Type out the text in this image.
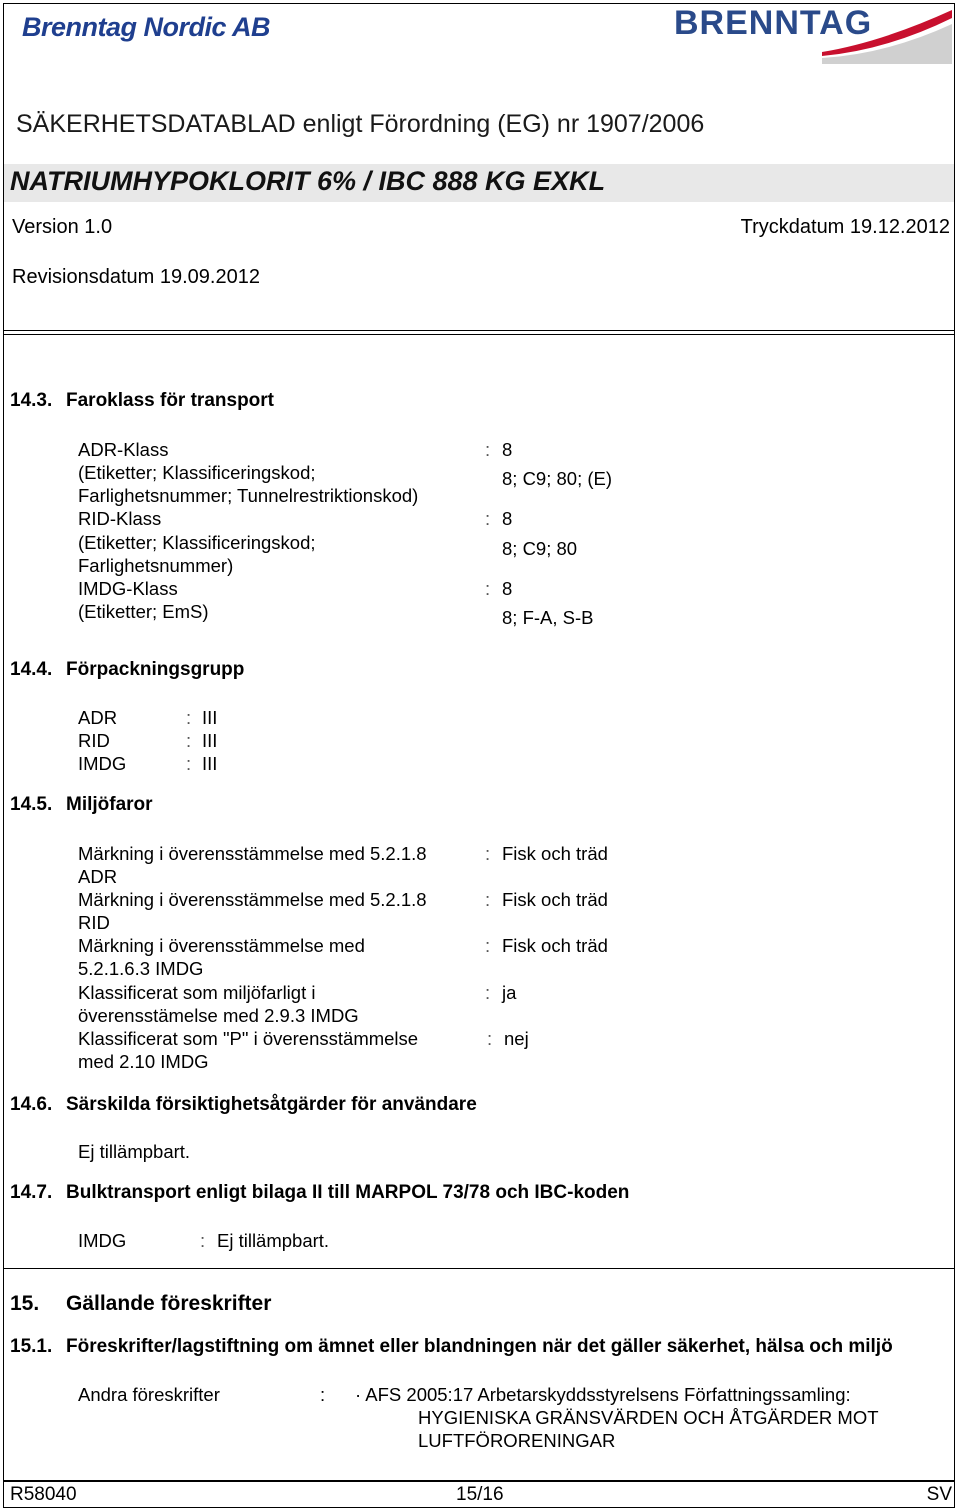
Brenntag Nordic AB	BRENNTAG
SÄKERHETSDATABLAD enligt Förordning (EG) nr 1907/2006
NATRIUMHYPOKLORIT 6% / IBC 888 KG EXKL
Version 1.0	Tryckdatum 19.12.2012
Revisionsdatum 19.09.2012
14.3. Faroklass för transport
ADR-Klass	: 8
(Etiketter; Klassificeringskod;	8; C9; 80; (E)
Farlighetsnummer; Tunnelrestriktionskod)
RID-Klass	: 8
(Etiketter; Klassificeringskod;	8; C9; 80
Farlighetsnummer)
IMDG-Klass	: 8
(Etiketter; EmS)	8; F-A, S-B
14.4. Förpackningsgrupp
ADR	: III
RID	: III
IMDG	: III
14.5. Miljöfaror
Märkning i överensstämmelse med 5.2.1.8	: Fisk och träd
ADR
Märkning i överensstämmelse med 5.2.1.8	: Fisk och träd
RID
Märkning i överensstämmelse med	: Fisk och träd
5.2.1.6.3 IMDG
Klassificerat som miljöfarligt i	: ja
överensstämelse med 2.9.3 IMDG
Klassificerat som "P" i överensstämmelse	: nej
med 2.10 IMDG
14.6. Särskilda försiktighetsåtgärder för användare
Ej tillämpbart.
14.7. Bulktransport enligt bilaga II till MARPOL 73/78 och IBC-koden
IMDG	: Ej tillämpbart.
15. Gällande föreskrifter
15.1. Föreskrifter/lagstiftning om ämnet eller blandningen när det gäller säkerhet, hälsa och miljö
Andra föreskrifter	: · AFS 2005:17 Arbetarskyddsstyrelsens Författningssamling:
HYGIENISKA GRÄNSVÄRDEN OCH ÅTGÄRDER MOT
LUFTFÖRORENINGAR
R58040	15/16	SV
